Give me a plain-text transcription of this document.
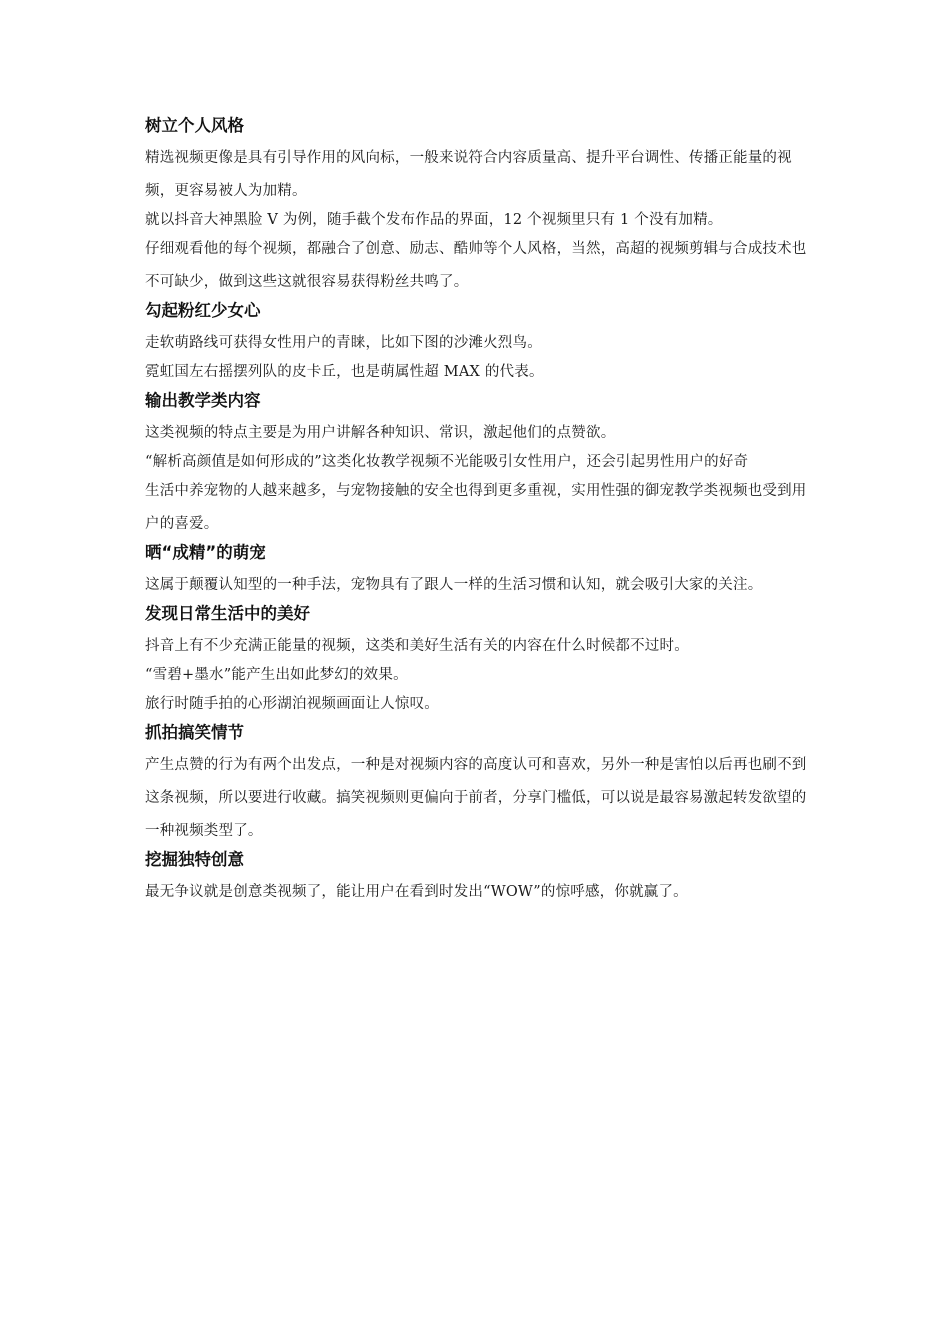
树立个人风格

精选视频更像是具有引导作用的风向标，一般来说符合内容质量高、提升平台调性、传播正能量的视频，更容易被人为加精。

就以抖音大神黑脸 V 为例，随手截个发布作品的界面，12 个视频里只有 1 个没有加精。

仔细观看他的每个视频，都融合了创意、励志、酷帅等个人风格，当然，高超的视频剪辑与合成技术也不可缺少，做到这些这就很容易获得粉丝共鸣了。

勾起粉红少女心

走软萌路线可获得女性用户的青睐，比如下图的沙滩火烈鸟。

霓虹国左右摇摆列队的皮卡丘，也是萌属性超 MAX 的代表。

输出教学类内容

这类视频的特点主要是为用户讲解各种知识、常识，激起他们的点赞欲。

“解析高颜值是如何形成的”这类化妆教学视频不光能吸引女性用户，还会引起男性用户的好奇

生活中养宠物的人越来越多，与宠物接触的安全也得到更多重视，实用性强的御宠教学类视频也受到用户的喜爱。

晒“成精”的萌宠

这属于颠覆认知型的一种手法，宠物具有了跟人一样的生活习惯和认知，就会吸引大家的关注。

发现日常生活中的美好

抖音上有不少充满正能量的视频，这类和美好生活有关的内容在什么时候都不过时。

“雪碧+墨水”能产生出如此梦幻的效果。

旅行时随手拍的心形湖泊视频画面让人惊叹。

抓拍搞笑情节

产生点赞的行为有两个出发点，一种是对视频内容的高度认可和喜欢，另外一种是害怕以后再也刷不到这条视频，所以要进行收藏。搞笑视频则更偏向于前者，分享门槛低，可以说是最容易激起转发欲望的一种视频类型了。

挖掘独特创意

最无争议就是创意类视频了，能让用户在看到时发出“WOW”的惊呼感，你就赢了。
